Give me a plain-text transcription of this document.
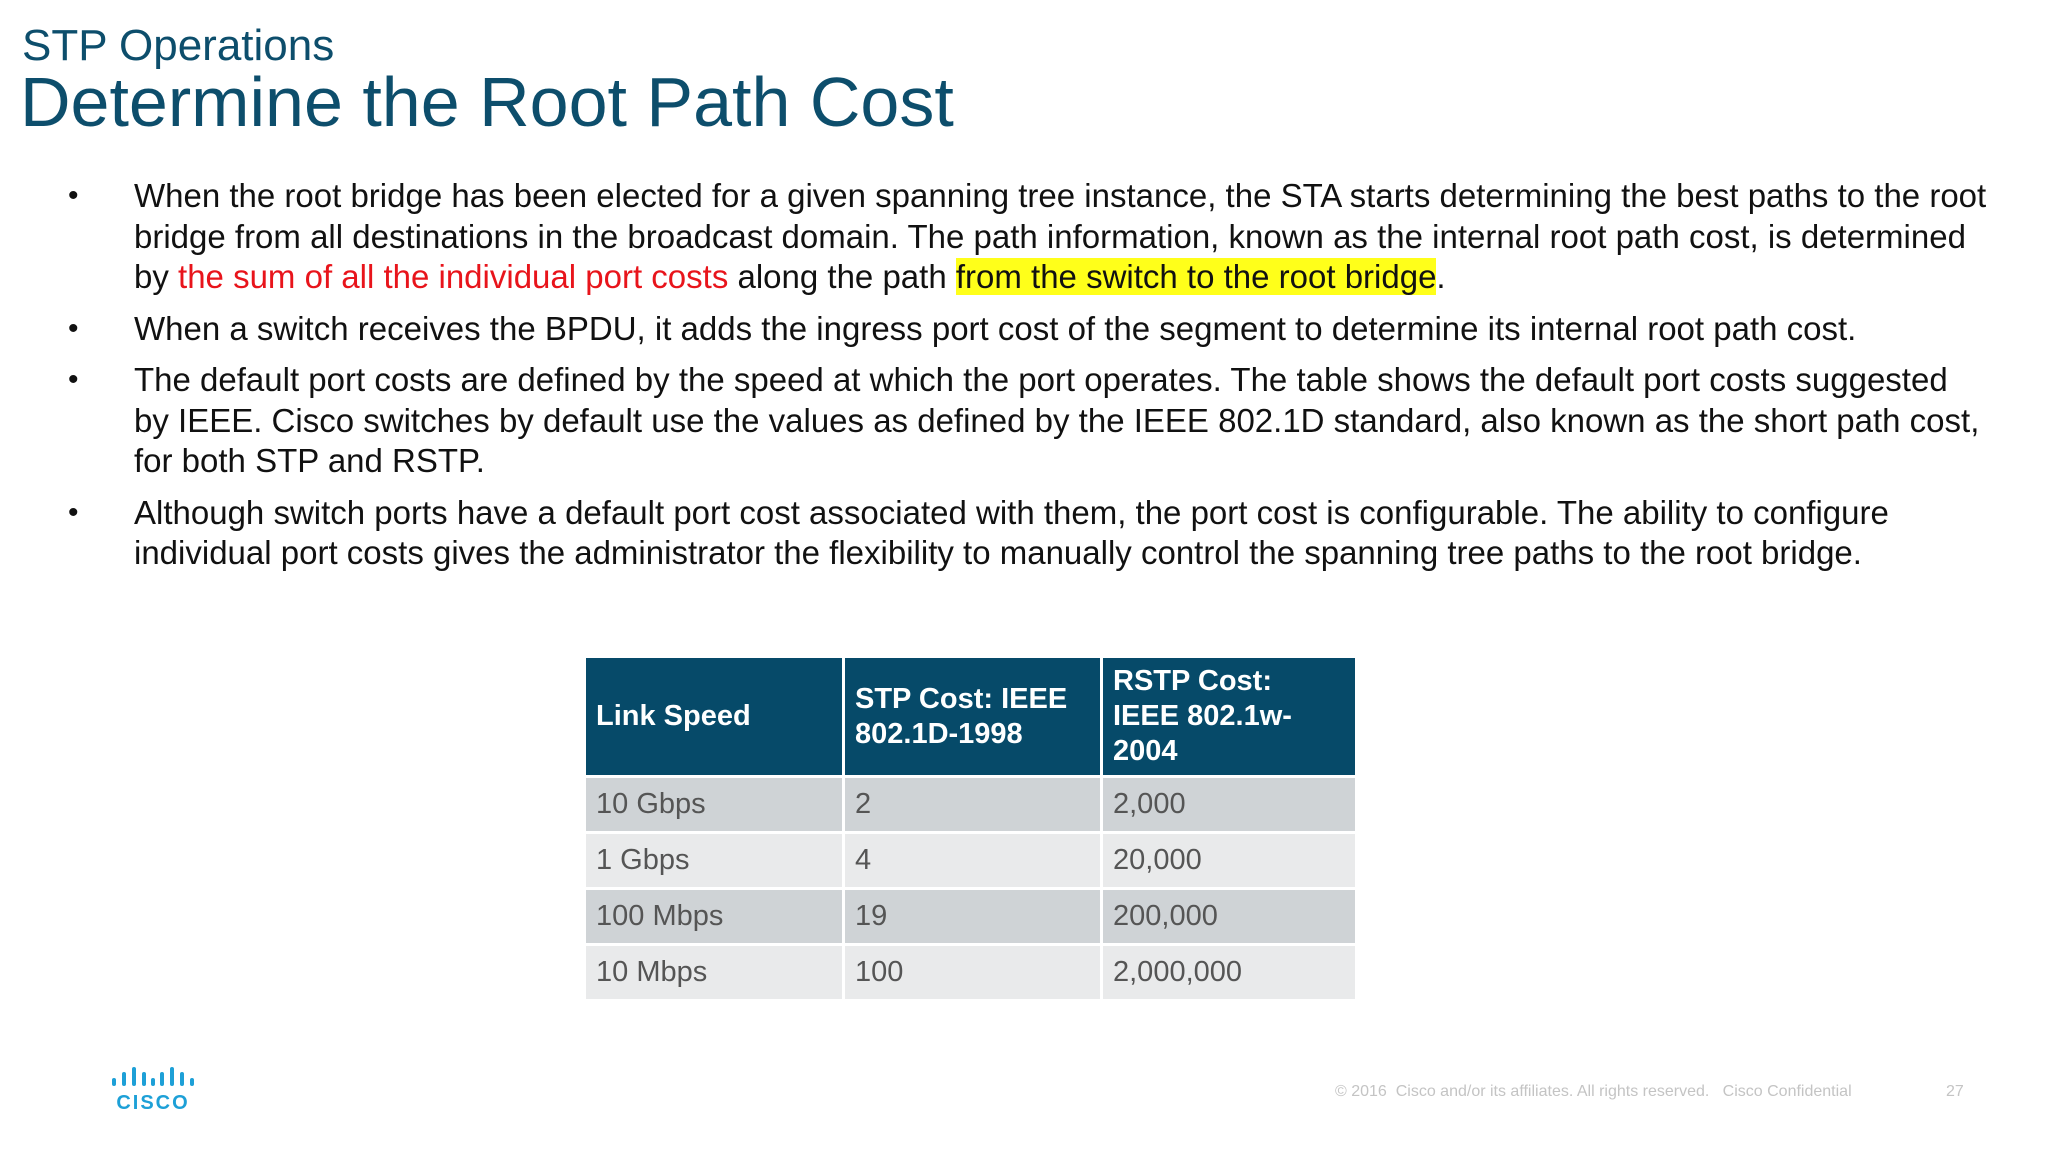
STP Operations
Determine the Root Path Cost
• When the root bridge has been elected for a given spanning tree instance, the STA starts determining the best paths to the root bridge from all destinations in the broadcast domain. The path information, known as the internal root path cost, is determined by the sum of all the individual port costs along the path from the switch to the root bridge.
• When a switch receives the BPDU, it adds the ingress port cost of the segment to determine its internal root path cost.
• The default port costs are defined by the speed at which the port operates. The table shows the default port costs suggested by IEEE. Cisco switches by default use the values as defined by the IEEE 802.1D standard, also known as the short path cost, for both STP and RSTP.
• Although switch ports have a default port cost associated with them, the port cost is configurable. The ability to configure individual port costs gives the administrator the flexibility to manually control the spanning tree paths to the root bridge.
Link Speed	STP Cost: IEEE 802.1D-1998	RSTP Cost: IEEE 802.1w-2004
10 Gbps	2	2,000
1 Gbps	4	20,000
100 Mbps	19	200,000
10 Mbps	100	2,000,000
CISCO
© 2016  Cisco and/or its affiliates. All rights reserved.   Cisco Confidential	27
